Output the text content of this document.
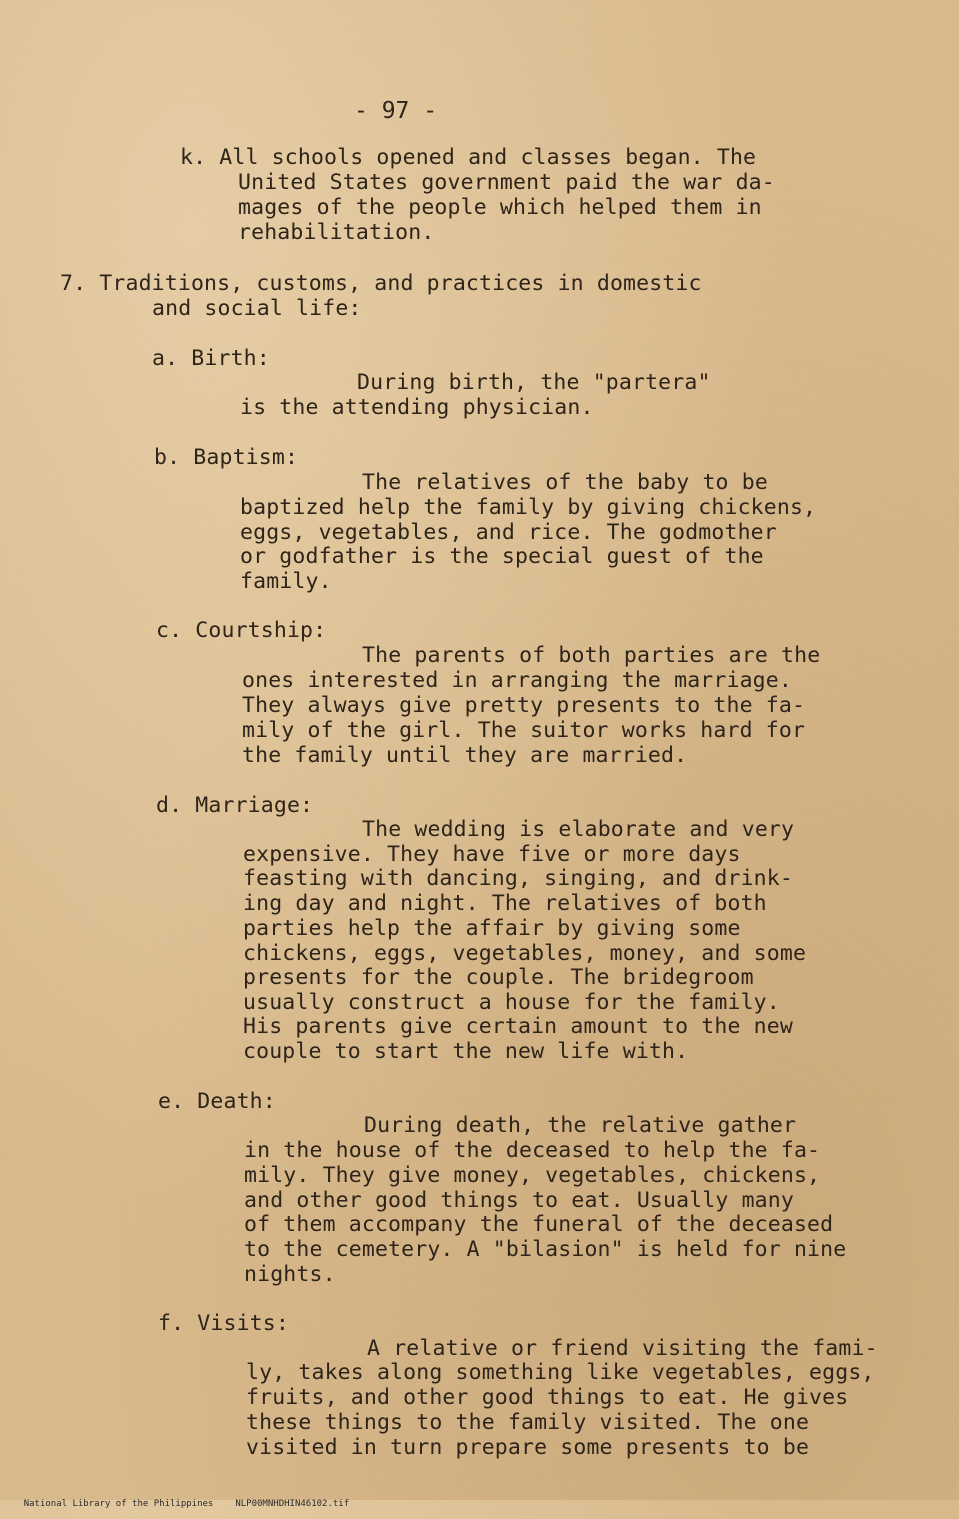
- 97 -
k. All schools opened and classes began. The
United States government paid the war da-
mages of the people which helped them in
rehabilitation.
7. Traditions, customs, and practices in domestic
and social life:
a. Birth:
During birth, the "partera"
is the attending physician.
b. Baptism:
The relatives of the baby to be
baptized help the family by giving chickens,
eggs, vegetables, and rice. The godmother
or godfather is the special guest of the
family.
c. Courtship:
The parents of both parties are the
ones interested in arranging the marriage.
They always give pretty presents to the fa-
mily of the girl. The suitor works hard for
the family until they are married.
d. Marriage:
The wedding is elaborate and very
expensive. They have five or more days
feasting with dancing, singing, and drink-
ing day and night. The relatives of both
parties help the affair by giving some
chickens, eggs, vegetables, money, and some
presents for the couple. The bridegroom
usually construct a house for the family.
His parents give certain amount to the new
couple to start the new life with.
e. Death:
During death, the relative gather
in the house of the deceased to help the fa-
mily. They give money, vegetables, chickens,
and other good things to eat. Usually many
of them accompany the funeral of the deceased
to the cemetery. A "bilasion" is held for nine
nights.
f. Visits:
A relative or friend visiting the fami-
ly, takes along something like vegetables, eggs,
fruits, and other good things to eat. He gives
these things to the family visited. The one
visited in turn prepare some presents to be

National Library of the Philippines NLP00MNHDHIN46102.tif
